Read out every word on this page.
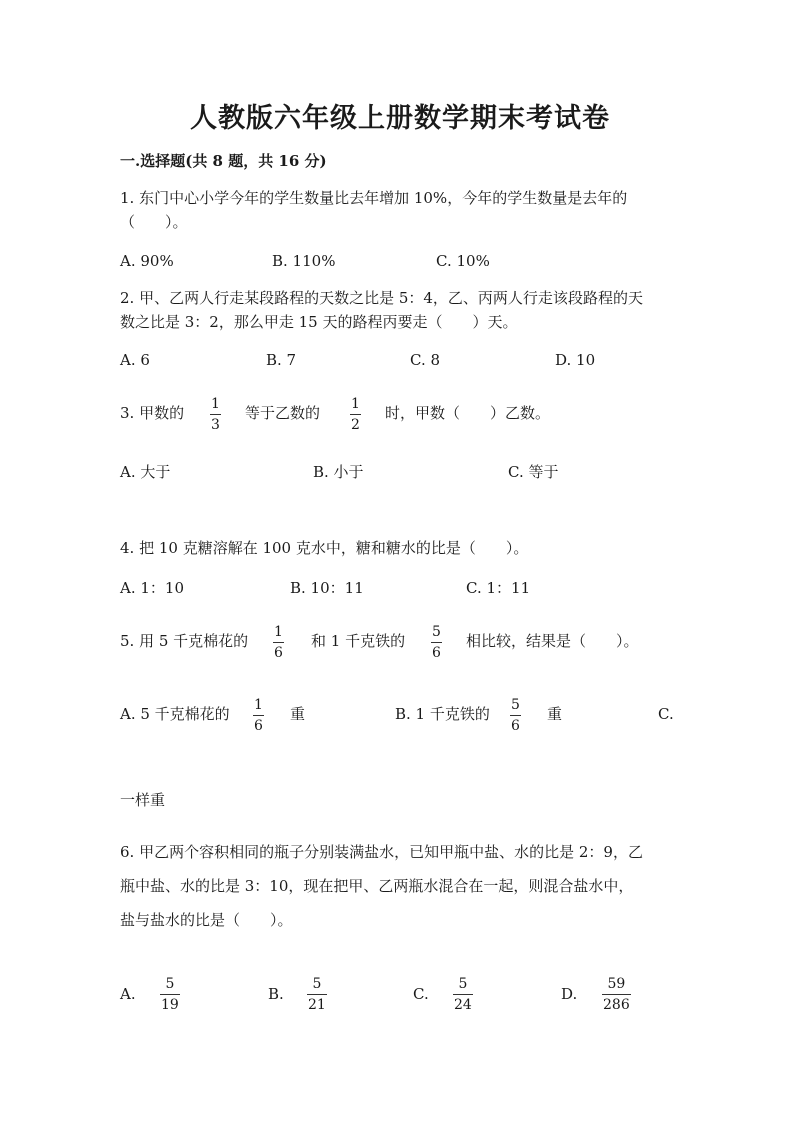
人教版六年级上册数学期末考试卷
一.选择题(共 8 题，共 16 分)
1. 东门中心小学今年的学生数量比去年增加 10%，今年的学生数量是去年的
（　　）。
A. 90%	B. 110%	C. 10%
2. 甲、乙两人行走某段路程的天数之比是 5：4，乙、丙两人行走该段路程的天
数之比是 3：2，那么甲走 15 天的路程丙要走（　　）天。
A. 6	B. 7	C. 8	D. 10
3. 甲数的 1
3
等于乙数的 1
2
时，甲数（　　）乙数。
A. 大于	B. 小于	C. 等于
4. 把 10 克糖溶解在 100 克水中，糖和糖水的比是（　　）。
A. 1：10	B. 10：11	C. 1：11
5. 用 5 千克棉花的 1
6
和 1 千克铁的 5
6
相比较，结果是（　　）。
A. 5 千克棉花的 1
6
重	B. 1 千克铁的 5
6
重	C.
一样重
6. 甲乙两个容积相同的瓶子分别装满盐水，已知甲瓶中盐、水的比是 2：9，乙
瓶中盐、水的比是 3：10，现在把甲、乙两瓶水混合在一起，则混合盐水中，
盐与盐水的比是（　　）。
A.
5
19
B.
5
21
C.
5
24
D.
59
286
